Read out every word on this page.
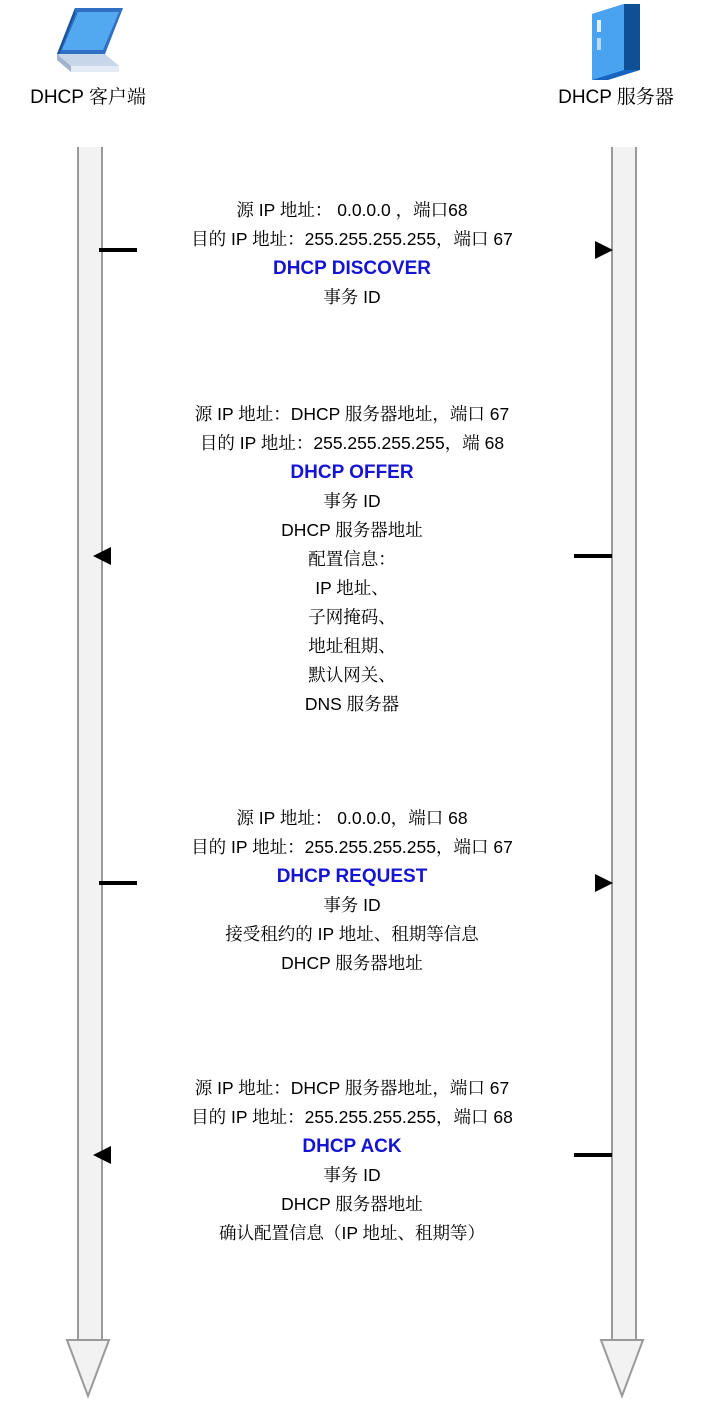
DHCP 客户端	DHCP 服务器
源 IP 地址： 0.0.0.0 ，端口68
目的 IP 地址：255.255.255.255，端口 67
DHCP DISCOVER
事务 ID
源 IP 地址：DHCP 服务器地址，端口 67
目的 IP 地址：255.255.255.255，端 68
DHCP OFFER
事务 ID
DHCP 服务器地址
配置信息：
IP 地址、
子网掩码、
地址租期、
默认网关、
DNS 服务器
源 IP 地址： 0.0.0.0，端口 68
目的 IP 地址：255.255.255.255，端口 67
DHCP REQUEST
事务 ID
接受租约的 IP 地址、租期等信息
DHCP 服务器地址
源 IP 地址：DHCP 服务器地址，端口 67
目的 IP 地址：255.255.255.255，端口 68
DHCP ACK
事务 ID
DHCP 服务器地址
确认配置信息（IP 地址、租期等）
